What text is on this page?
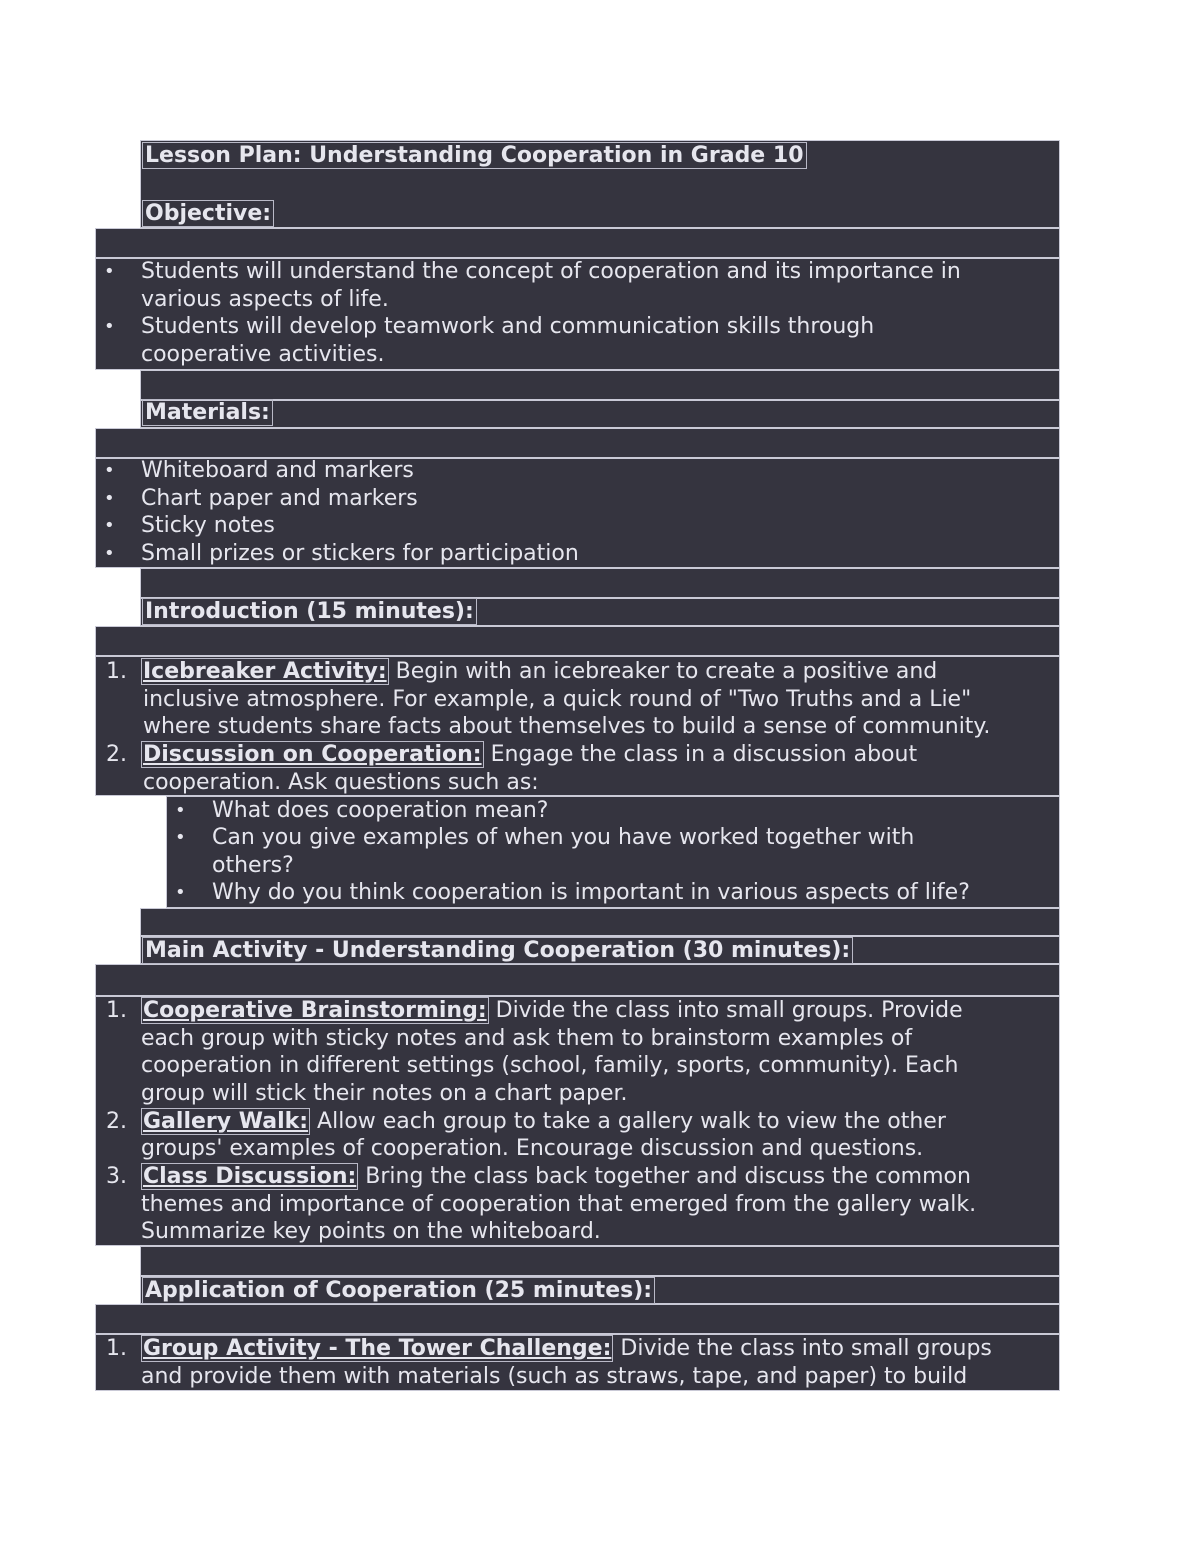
Lesson Plan: Understanding Cooperation in Grade 10
Objective:
• Students will understand the concept of cooperation and its importance in
various aspects of life.
• Students will develop teamwork and communication skills through
cooperative activities.
Materials:
• Whiteboard and markers
• Chart paper and markers
• Sticky notes
• Small prizes or stickers for participation
Introduction (15 minutes):
1. Icebreaker Activity: Begin with an icebreaker to create a positive and
inclusive atmosphere. For example, a quick round of "Two Truths and a Lie"
where students share facts about themselves to build a sense of community.
2. Discussion on Cooperation: Engage the class in a discussion about
cooperation. Ask questions such as:
• What does cooperation mean?
• Can you give examples of when you have worked together with
others?
• Why do you think cooperation is important in various aspects of life?
Main Activity - Understanding Cooperation (30 minutes):
1. Cooperative Brainstorming: Divide the class into small groups. Provide
each group with sticky notes and ask them to brainstorm examples of
cooperation in different settings (school, family, sports, community). Each
group will stick their notes on a chart paper.
2. Gallery Walk: Allow each group to take a gallery walk to view the other
groups' examples of cooperation. Encourage discussion and questions.
3. Class Discussion: Bring the class back together and discuss the common
themes and importance of cooperation that emerged from the gallery walk.
Summarize key points on the whiteboard.
Application of Cooperation (25 minutes):
1. Group Activity - The Tower Challenge: Divide the class into small groups
and provide them with materials (such as straws, tape, and paper) to build
